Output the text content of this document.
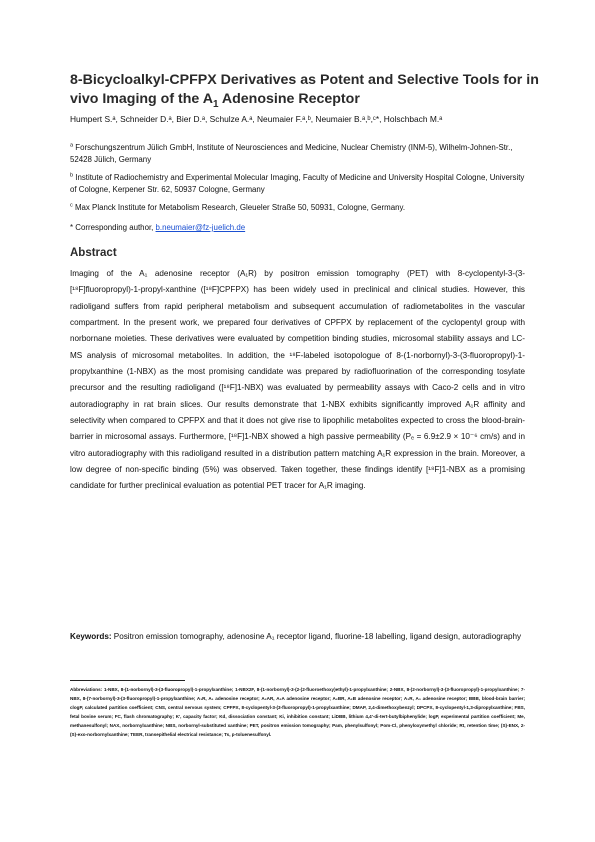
8-Bicycloalkyl-CPFPX Derivatives as Potent and Selective Tools for in
vivo Imaging of the $A_1$ Adenosine Receptor
Humpert S.ᵃ, Schneider D.ᵃ, Bier D.ᵃ, Schulze A.ᵃ, Neumaier F.ᵃ,ᵇ, Neumaier B.ᵃ,ᵇ,ᶜ*, Holschbach M.ᵃ
$^a$ Forschungszentrum Jülich GmbH, Institute of Neurosciences and Medicine, Nuclear Chemistry (INM-5), Wilhelm-Johnen-Str., 52428 Jülich, Germany
$^b$ Institute of Radiochemistry and Experimental Molecular Imaging, Faculty of Medicine and University Hospital Cologne, University of Cologne, Kerpener Str. 62, 50937 Cologne, Germany
$^c$ Max Planck Institute for Metabolism Research, Gleueler Straße 50, 50931, Cologne, Germany.
* Corresponding author, b.neumaier@fz-juelich.de
Abstract

Imaging of the A₁ adenosine receptor (A₁R) by positron emission tomography (PET) with 8-cyclopentyl-3-(3-[¹⁸F]fluoropropyl)-1-propyl-xanthine ([¹⁸F]CPFPX) has been widely used in preclinical and clinical studies. However, this radioligand suffers from rapid peripheral metabolism and subsequent accumulation of radiometabolites in the vascular compartment. In the present work, we prepared four derivatives of CPFPX by replacement of the cyclopentyl group with norbornane moieties. These derivatives were evaluated by competition binding studies, microsomal stability assays and LC-MS analysis of microsomal metabolites. In addition, the ¹⁸F-labeled isotopologue of 8-(1-norbornyl)-3-(3-fluoropropyl)-1-propylxanthine (1-NBX) as the most promising candidate was prepared by radiofluorination of the corresponding tosylate precursor and the resulting radioligand ([¹⁸F]1-NBX) was evaluated by permeability assays with Caco-2 cells and in vitro autoradiography in rat brain slices. Our results demonstrate that 1-NBX exhibits significantly improved A₁R affinity and selectivity when compared to CPFPX and that it does not give rise to lipophilic metabolites expected to cross the blood-brain-barrier in microsomal assays. Furthermore, [¹⁸F]1-NBX showed a high passive permeability (Pₑ = 6.9±2.9 × 10⁻⁶ cm/s) and in vitro autoradiography with this radioligand resulted in a distribution pattern matching A₁R expression in the brain. Moreover, a low degree of non-specific binding (5%) was observed. Taken together, these findings identify [¹⁸F]1-NBX as a promising candidate for further preclinical evaluation as potential PET tracer for A₁R imaging.

Keywords: Positron emission tomography, adenosine A₁ receptor ligand, fluorine-18 labelling, ligand design, autoradiography

Abbreviations: 1-NBX, 8-(1-norbornyl)-3-(3-fluoropropyl)-1-propylxanthine; 1-NBX2F, 8-(1-norbornyl)-3-(2-(2-fluoroethoxy)ethyl)-1-propylxanthine; 2-NBX, 8-(2-norbornyl)-3-(3-fluoropropyl)-1-propylxanthine; 7-NBX, 8-(7-norbornyl)-3-(3-fluoropropyl)-1-propylxanthine; A₁R, A₁ adenosine receptor; A₂AR, A₂A adenosine receptor; A₂BR, A₂B adenosine receptor; A₃R, A₃ adenosine receptor; BBB, blood-brain barrier; clogP, calculated partition coefficient; CNS, central nervous system; CPFPX, 8-cyclopentyl-3-(3-fluoropropyl)-1-propylxanthine; DMAP, 2,4-dimethoxybenzyl; DPCPX, 8-cyclopentyl-1,3-dipropylxanthine; FBS, fetal bovine serum; FC, flash chromatography; K', capacity factor; Kd, dissociation constant; Ki, inhibition constant; LiDBB, lithium 4,4'-di-tert-butylbiphenylide; logP, experimental partition coefficient; Me, methanesulfonyl; NAX, norbornylxanthine; NBS, norbornyl-substituted xanthine; PET, positron emission tomography; Pam, phenylsulfonyl; Pom-Cl, phenyloxymethyl chloride; Rt, retention time; (S)-ENX, 2-(S)-exo-norbornylxanthine; TEER, transepithelial electrical resistance; Ts, p-toluenesulfonyl.
